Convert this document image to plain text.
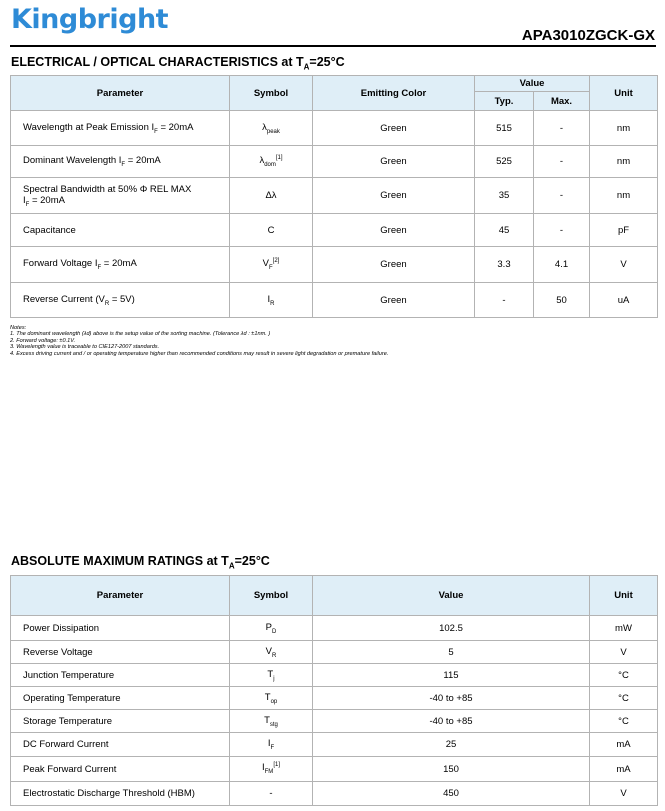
Kingbright
APA3010ZGCK-GX
ELECTRICAL / OPTICAL CHARACTERISTICS at $T_A=25^\circ C$
Parameter	Symbol	Emitting Color	Value		Unit
			Typ.	Max.	
Wavelength at Peak Emission $I_F = 20mA$	$\lambda_{peak}$	Green	515	-	nm
Dominant Wavelength $I_F = 20mA$	$\lambda_{dom}[1]$	Green	525	-	nm
Spectral Bandwidth at 50% Φ REL MAX
$I_F = 20mA$	Δλ	Green	35	-	nm
Capacitance	C	Green	45	-	pF
Forward Voltage $I_F = 20mA$	$V_F[2]$	Green	3.3	4.1	V
Reverse Current $(V_R = 5V)$	$I_R$	Green	-	50	uA
Notes:
1. The dominant wavelength (λd) above is the setup value of the sorting machine. (Tolerance λd : ±1nm. )
2. Forward voltage: ±0.1V.
3. Wavelength value is traceable to CIE127-2007 standards.
4. Excess driving current and / or operating temperature higher than recommended conditions may result in severe light degradation or premature failure.
ABSOLUTE MAXIMUM RATINGS at $T_A=25^\circ C$
Parameter	Symbol	Value	Unit
Power Dissipation	$P_D$	102.5	mW
Reverse Voltage	$V_R$	5	V
Junction Temperature	$T_j$	115	°C
Operating Temperature	$T_{op}$	-40 to +85	°C
Storage Temperature	$T_{stg}$	-40 to +85	°C
DC Forward Current	$I_F$	25	mA
Peak Forward Current	$I_{FM}[1]$	150	mA
Electrostatic Discharge Threshold (HBM)	-	450	V
